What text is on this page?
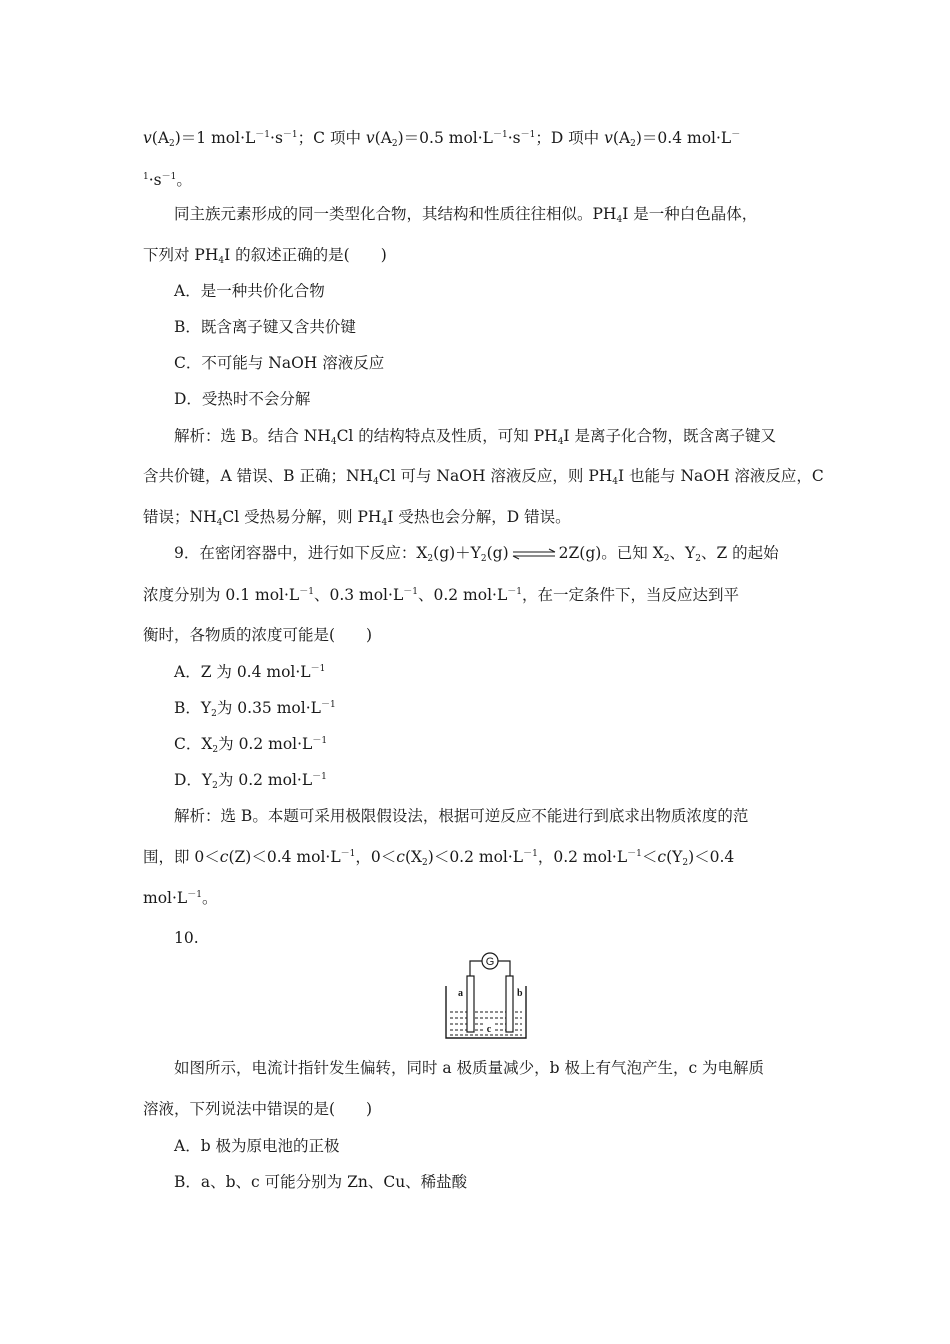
$v(A_2)=1$ $mol\cdot L^{-1}\cdot s^{-1}$；C 项中 $v(A_2)=0.5$ $mol\cdot L^{-1}\cdot s^{-1}$；D 项中 $v(A_2)=0.4$ mol·L－
$^1\cdot s^{-1}$。
同主族元素形成的同一类型化合物，其结构和性质往往相似。$PH_4I$ 是一种白色晶体，
下列对 $PH_4I$ 的叙述正确的是(　　)
A．是一种共价化合物
B．既含离子键又含共价键
C．不可能与 NaOH 溶液反应
D．受热时不会分解
解析：选 B。结合 $NH_4Cl$ 的结构特点及性质，可知 $PH_4I$ 是离子化合物，既含离子键又
含共价键，A 错误、B 正确；$NH_4Cl$ 可与 NaOH 溶液反应，则 $PH_4I$ 也能与 NaOH 溶液反应，C
错误；$NH_4Cl$ 受热易分解，则 $PH_4I$ 受热也会分解，D 错误。
9．在密闭容器中，进行如下反应：$X_2(g)+Y_2(g)$ ⇌ 2Z(g)。已知 $X_2$、$Y_2$、Z 的起始
浓度分别为 0.1 $mol\cdot L^{-1}$、0.3 $mol\cdot L^{-1}$、0.2 $mol\cdot L^{-1}$，在一定条件下，当反应达到平
衡时，各物质的浓度可能是(　　)
A．Z 为 0.4 $mol\cdot L^{-1}$
B．$Y_2$为 0.35 $mol\cdot L^{-1}$
C．$X_2$为 0.2 $mol\cdot L^{-1}$
D．$Y_2$为 0.2 $mol\cdot L^{-1}$
解析：选 B。本题可采用极限假设法，根据可逆反应不能进行到底求出物质浓度的范
围，即 0＜c(Z)＜0.4 $mol\cdot L^{-1}$，$0<c(X_2)<0.2$ $mol\cdot L^{-1}$，0.2 $mol\cdot L^{-1}<c(Y_2)<0.4$
$mol\cdot L^{-1}$。
10.
G
a	b
c
如图所示，电流计指针发生偏转，同时 a 极质量减少，b 极上有气泡产生，c 为电解质
溶液，下列说法中错误的是(　　)
A．b 极为原电池的正极
B．a、b、c 可能分别为 Zn、Cu、稀盐酸
